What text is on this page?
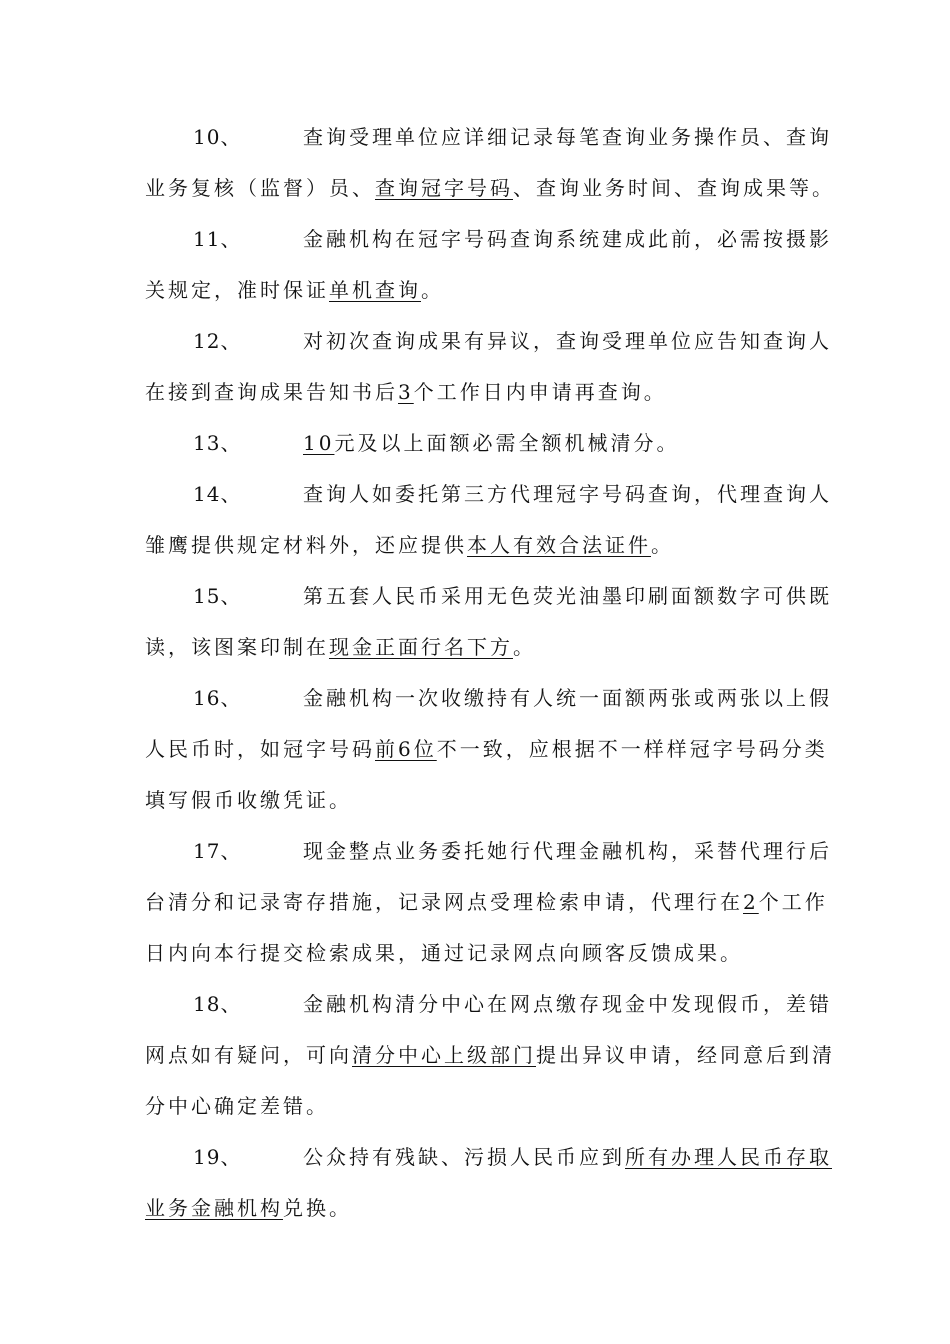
10、	查询受理单位应详细记录每笔查询业务操作员、查询业务复核（监督）员、查询冠字号码、查询业务时间、查询成果等。

11、	金融机构在冠字号码查询系统建成此前，必需按摄影关规定，准时保证单机查询。

12、	对初次查询成果有异议，查询受理单位应告知查询人在接到查询成果告知书后3个工作日内申请再查询。

13、	10元及以上面额必需全额机械清分。

14、	查询人如委托第三方代理冠字号码查询，代理查询人雏鹰提供规定材料外，还应提供本人有效合法证件。

15、	第五套人民币采用无色荧光油墨印刷面额数字可供既读，该图案印制在现金正面行名下方。

16、	金融机构一次收缴持有人统一面额两张或两张以上假人民币时，如冠字号码前6位不一致，应根据不一样样冠字号码分类填写假币收缴凭证。

17、	现金整点业务委托她行代理金融机构，采替代理行后台清分和记录寄存措施，记录网点受理检索申请，代理行在2个工作日内向本行提交检索成果，通过记录网点向顾客反馈成果。

18、	金融机构清分中心在网点缴存现金中发现假币，差错网点如有疑问，可向清分中心上级部门提出异议申请，经同意后到清分中心确定差错。

19、	公众持有残缺、污损人民币应到所有办理人民币存取业务金融机构兑换。
